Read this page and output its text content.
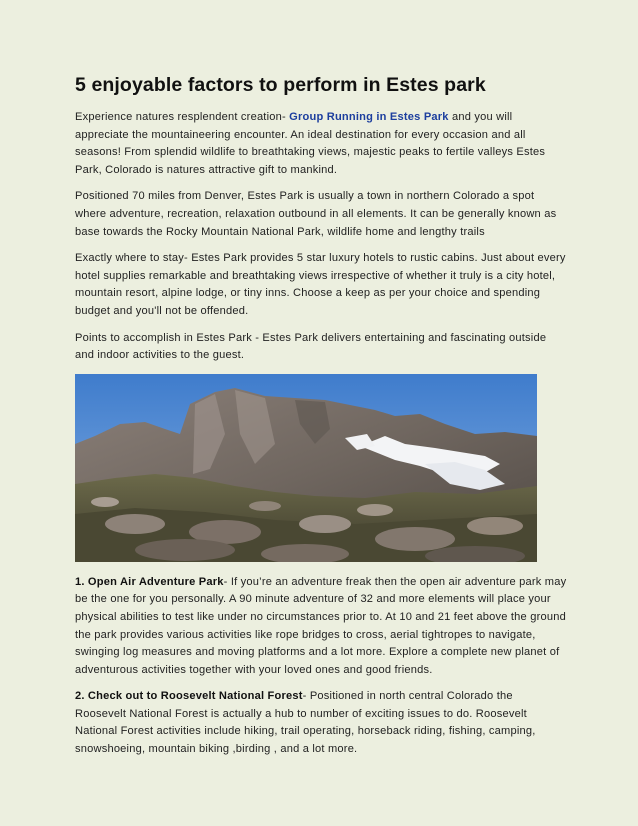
5 enjoyable factors to perform in Estes park

Experience natures resplendent creation- Group Running in Estes Park and you will appreciate the mountaineering encounter. An ideal destination for every occasion and all seasons! From splendid wildlife to breathtaking views, majestic peaks to fertile valleys Estes Park, Colorado is natures attractive gift to mankind.

Positioned 70 miles from Denver, Estes Park is usually a town in northern Colorado a spot where adventure, recreation, relaxation outbound in all elements. It can be generally known as base towards the Rocky Mountain National Park, wildlife home and lengthy trails

Exactly where to stay- Estes Park provides 5 star luxury hotels to rustic cabins. Just about every hotel supplies remarkable and breathtaking views irrespective of whether it truly is a city hotel, mountain resort, alpine lodge, or tiny inns. Choose a keep as per your choice and spending budget and you'll not be offended.

Points to accomplish in Estes Park - Estes Park delivers entertaining and fascinating outside and indoor activities to the guest.

1. Open Air Adventure Park- If you’re an adventure freak then the open air adventure park may be the one for you personally. A 90 minute adventure of 32 and more elements will place your physical abilities to test like under no circumstances prior to. At 10 and 21 feet above the ground the park provides various activities like rope bridges to cross, aerial tightropes to navigate, swinging log measures and moving platforms and a lot more. Explore a complete new planet of adventurous activities together with your loved ones and good friends.

2. Check out to Roosevelt National Forest- Positioned in north central Colorado the Roosevelt National Forest is actually a hub to number of exciting issues to do. Roosevelt National Forest activities include hiking, trail operating, horseback riding, fishing, camping, snowshoeing, mountain biking ,birding , and a lot more.
